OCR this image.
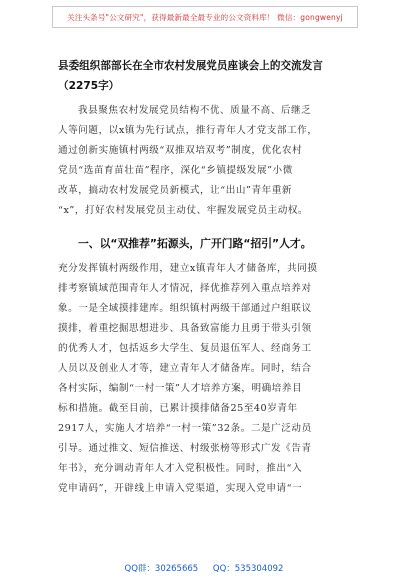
关注头条号"公文研究"，获得最新最全最专业的公文资料库！ 微信：gongwenyj
县委组织部部长在全市农村发展党员座谈会上的交流发言
（2275字）
我县聚焦农村发展党员结构不优、质量不高、后继乏
人等问题，以x镇为先行试点，推行青年人才党支部工作，
通过创新实施镇村两级“双推双培双考”制度，优化农村
党员“选苗育苗壮苗”程序，深化“乡镇提级发展”小微
改革，搞动农村发展党员新模式，让“出山”青年重新
“x”，打好农村发展党员主动仗、牢握发展党员主动权。
一、以“双推荐”拓源头，广开门路“招引”人才。
充分发挥镇村两级作用，建立x镇青年人才储备库，共同摸
排考察镇域范围青年人才情况，择优推荐列入重点培养对
象。一是全域摸排建库。组织镇村两级干部通过户组联议
摸排，着重挖掘思想进步、具备致富能力且勇于带头引领
的优秀人才，包括返乡大学生、复员退伍军人、经商务工
人员以及创业人才等，建立青年人才储备库。同时，结合
各村实际，编制“一村一策”人才培养方案，明确培养目
标和措施。截至目前，已累计摸排储备25至40岁青年
2917人，实施人才培养“一村一策”32条。二是广泛动员
引导。通过推文、短信推送、村级张榜等形式广发《告青
年书》，充分调动青年人才入党积极性。同时，推出“入
党申请码”，开辟线上申请入党渠道，实现入党申请“一
QQ群：30265665 QQ：535304092
